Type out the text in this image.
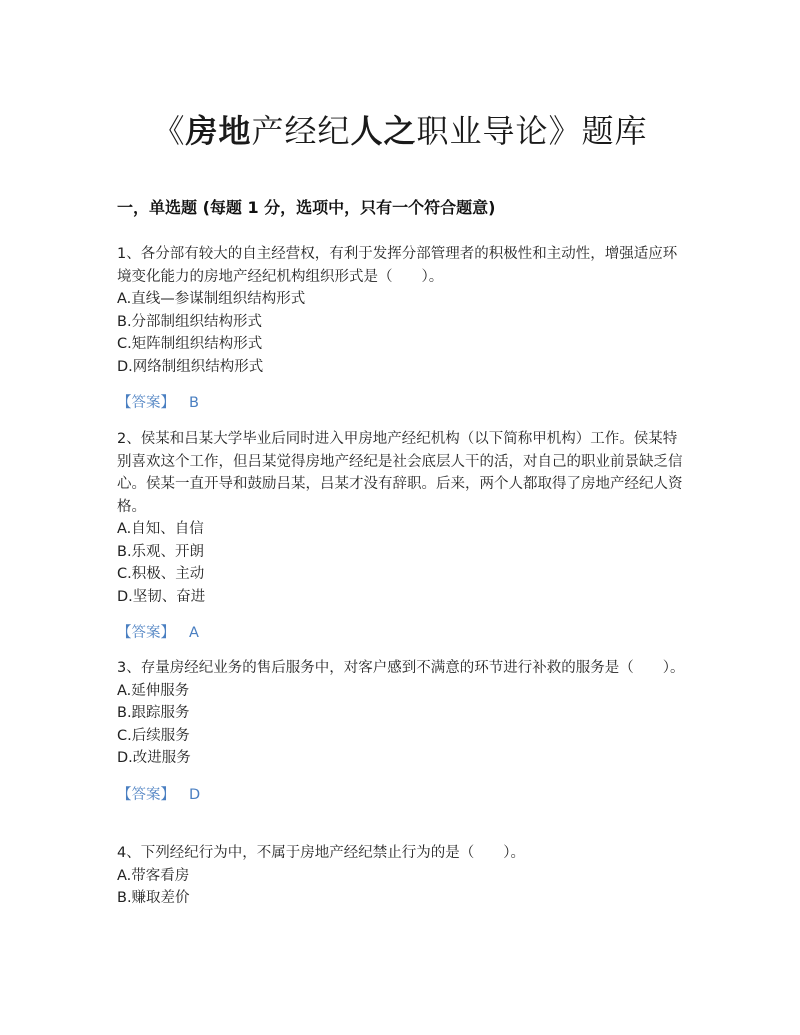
《房地产经纪人之职业导论》题库
一，单选题 (每题 1 分，选项中，只有一个符合题意)

1、各分部有较大的自主经营权，有利于发挥分部管理者的积极性和主动性，增强适应环境变化能力的房地产经纪机构组织形式是（　　）。

A.直线—参谋制组织结构形式
B.分部制组织结构形式
C.矩阵制组织结构形式
D.网络制组织结构形式
【答案】 B

2、侯某和吕某大学毕业后同时进入甲房地产经纪机构（以下简称甲机构）工作。侯某特别喜欢这个工作，但吕某觉得房地产经纪是社会底层人干的活，对自己的职业前景缺乏信心。侯某一直开导和鼓励吕某，吕某才没有辞职。后来，两个人都取得了房地产经纪人资格。

A.自知、自信
B.乐观、开朗
C.积极、主动
D.坚韧、奋进
【答案】 A

3、存量房经纪业务的售后服务中，对客户感到不满意的环节进行补救的服务是（　　）。

A.延伸服务
B.跟踪服务
C.后续服务
D.改进服务
【答案】 D

4、下列经纪行为中，不属于房地产经纪禁止行为的是（　　）。

A.带客看房
B.赚取差价
